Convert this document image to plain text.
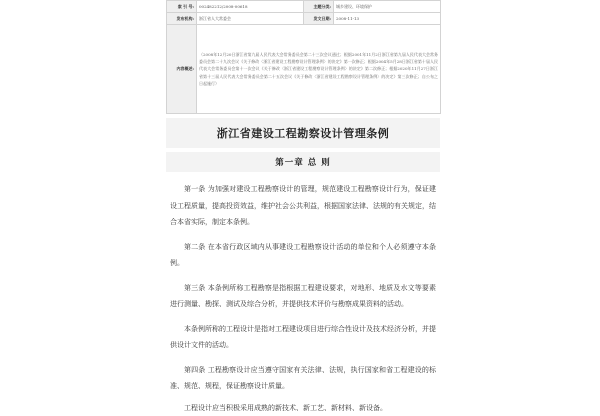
索 引 号:	002482212/2008-00618	主题分类:	城乡建设、环境保护
发布机构:	浙江省人大常委会	发文日期:	2008-11-13
内容概述:	（2008年12月20日浙江省第九届人民代表大会常务委员会第二十三次会议通过；根据2001年11月2日浙江省第九届人民代表大会常务委员会第二十九次会议《关于修改〈浙江省建设工程勘察设计管理条例〉的决定》第一次修正；根据2004年5月28日浙江省第十届人民代表大会常务委员会第十一次会议《关于修改〈浙江省建设工程勘察设计管理条例〉的决定》第二次修正；根据2020年11月27日浙江省第十三届人民代表大会常务委员会第二十五次会议《关于修改〈浙江省建设工程勘察设计管理条例〉的决定》第三次修正；自公布之日起施行）		
浙江省建设工程勘察设计管理条例
第一章 总 则

第一条 为加强对建设工程勘察设计的管理，规范建设工程勘察设计行为，保证建设工程质量，提高投资效益，维护社会公共利益，根据国家法律、法规的有关规定，结合本省实际，制定本条例。

第二条 在本省行政区域内从事建设工程勘察设计活动的单位和个人必须遵守本条例。

第三条 本条例所称工程勘察是指根据工程建设要求，对地形、地质及水文等要素进行测量、勘探、测试及综合分析，并提供技术评价与勘察成果资料的活动。

本条例所称的工程设计是指对工程建设项目进行综合性设计及技术经济分析，并提供设计文件的活动。

第四条 工程勘察设计应当遵守国家有关法律、法规，执行国家和省工程建设的标准、规范、规程，保证勘察设计质量。

工程设计应当积极采用成熟的新技术、新工艺、新材料、新设备。
